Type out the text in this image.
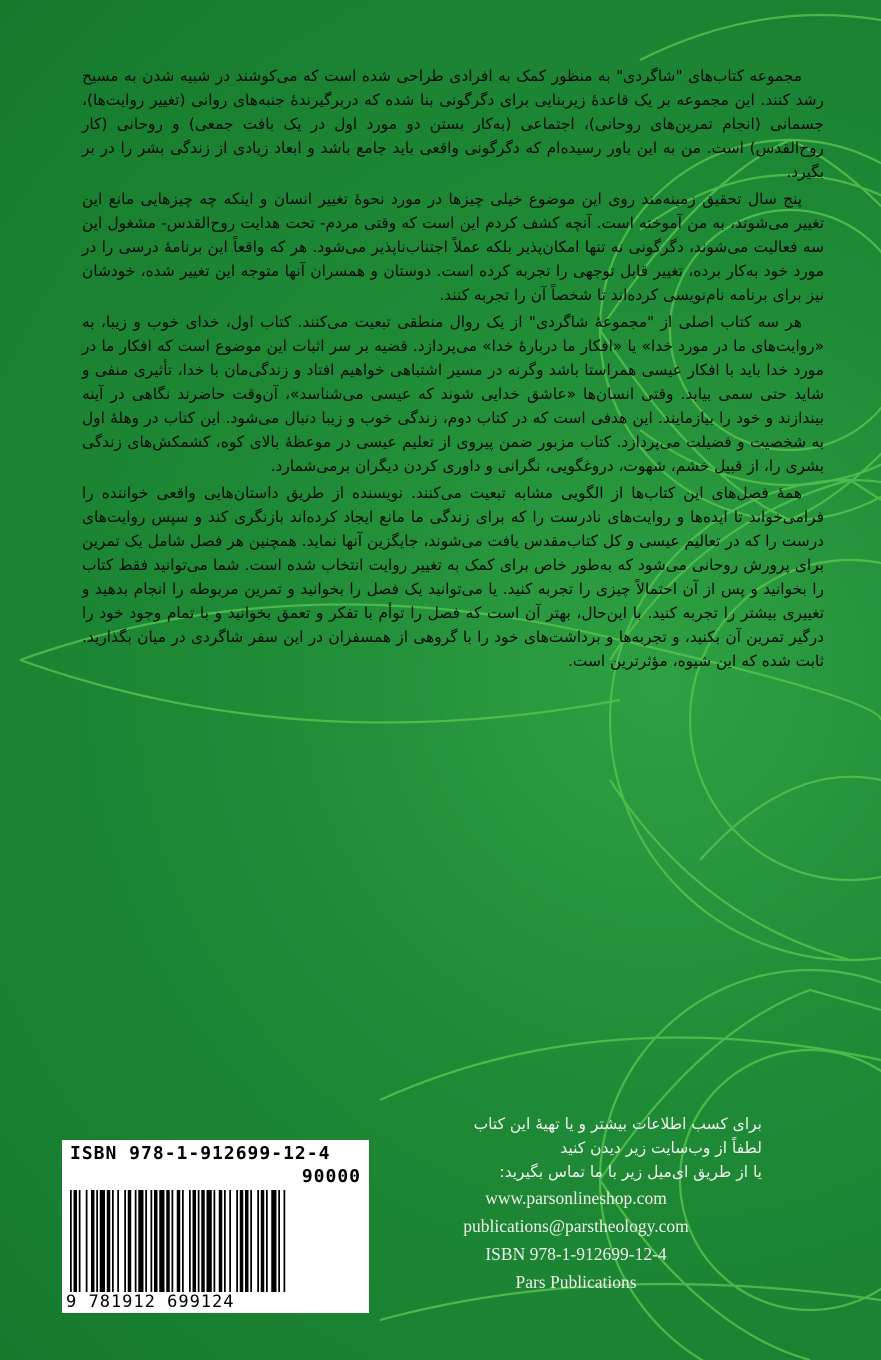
مجموعه کتاب‌های "شاگردی" به منظور کمک به افرادی طراحی شده است که می‌کوشند در شبیه شدن به مسیح رشد کنند. این مجموعه بر یک قاعدهٔ زیربنایی برای دگرگونی بنا شده که دربرگیرندهٔ جنبه‌های روانی (تغییر روایت‌ها)، جسمانی (انجام تمرین‌های روحانی)، اجتماعی (به‌کار بستن دو مورد اول در یک بافت جمعی) و روحانی (کار روح‌القدس) است. من به این باور رسیده‌ام که دگرگونی واقعی باید جامع باشد و ابعاد زیادی از زندگی بشر را در بر بگیرد.

پنج سال تحقیق زمینه‌مند روی این موضوع خیلی چیزها در مورد نحوهٔ تغییر انسان و اینکه چه چیزهایی مانع این تغییر می‌شوند، به من آموخته است. آنچه کشف کردم این است که وقتی مردم- تحت هدایت روح‌القدس- مشغول این سه فعالیت می‌شوند، دگرگونی نه تنها امکان‌پذیر بلکه عملاً اجتناب‌ناپذیر می‌شود. هر که واقعاً این برنامهٔ درسی را در مورد خود به‌کار برده، تغییر قابل توجهی را تجربه کرده است. دوستان و همسران آنها متوجه این تغییر شده، خودشان نیز برای برنامه نام‌نویسی کرده‌اند تا شخصاً آن را تجربه کنند.

هر سه کتاب اصلی از "مجموعهٔ شاگردی" از یک روال منطقی تبعیت می‌کنند. کتاب اول، خدای خوب و زیبا، به «روایت‌های ما در مورد خدا» یا «افکار ما دربارهٔ خدا» می‌پردازد. قضیه بر سر اثبات این موضوع است که افکار ما در مورد خدا باید با افکار عیسی همراستا باشد وگرنه در مسیر اشتباهی خواهیم افتاد و زندگی‌مان با خدا، تأثیری منفی و شاید حتی سمی بیابد. وقتی انسان‌ها «عاشق خدایی شوند که عیسی می‌شناسد»، آن‌وقت حاضرند نگاهی در آینه بیندازند و خود را بیازمایند. این هدفی است که در کتاب دوم، زندگی خوب و زیبا دنبال می‌شود. این کتاب در وهلهٔ اول به شخصیت و فضیلت می‌پردازد. کتاب مزبور ضمن پیروی از تعلیم عیسی در موعظهٔ بالای کوه، کشمکش‌های زندگی بشری را، از قبیل خشم، شهوت، دروغگویی، نگرانی و داوری کردن دیگران برمی‌شمارد.

همهٔ فصل‌های این کتاب‌ها از الگویی مشابه تبعیت می‌کنند. نویسنده از طریق داستان‌هایی واقعی خواننده را فرامی‌خواند تا ایده‌ها و روایت‌های نادرست را که برای زندگی ما مانع ایجاد کرده‌اند بازنگری کند و سپس روایت‌های درست را که در تعالیم عیسی و کل کتاب‌مقدس یافت می‌شوند، جایگزین آنها نماید. همچنین هر فصل شامل یک تمرین برای پرورش روحانی می‌شود که به‌طور خاص برای کمک به تغییر روایت انتخاب شده است. شما می‌توانید فقط کتاب را بخوانید و پس از آن احتمالاً چیزی را تجربه کنید. یا می‌توانید یک فصل را بخوانید و تمرین مربوطه را انجام بدهید و تغییری بیشتر را تجربه کنید. با این‌حال، بهتر آن است که فصل را توأم با تفکر و تعمق بخوانید و با تمام وجود خود را درگیر تمرین آن بکنید، و تجربه‌ها و برداشت‌های خود را با گروهی از همسفران در این سفر شاگردی در میان بگذارید. ثابت شده که این شیوه، مؤثرترین است.

ISBN 978-1-912699-12-4
90000
9 781912 699124
برای کسب اطلاعات بیشتر و یا تهیهٔ این کتاب
لطفاً از وب‌سایت زیر دیدن کنید
یا از طریق ای‌میل زیر با ما تماس بگیرید:
www.parsonlineshop.com
publications@parstheology.com
ISBN 978-1-912699-12-4
Pars Publications
